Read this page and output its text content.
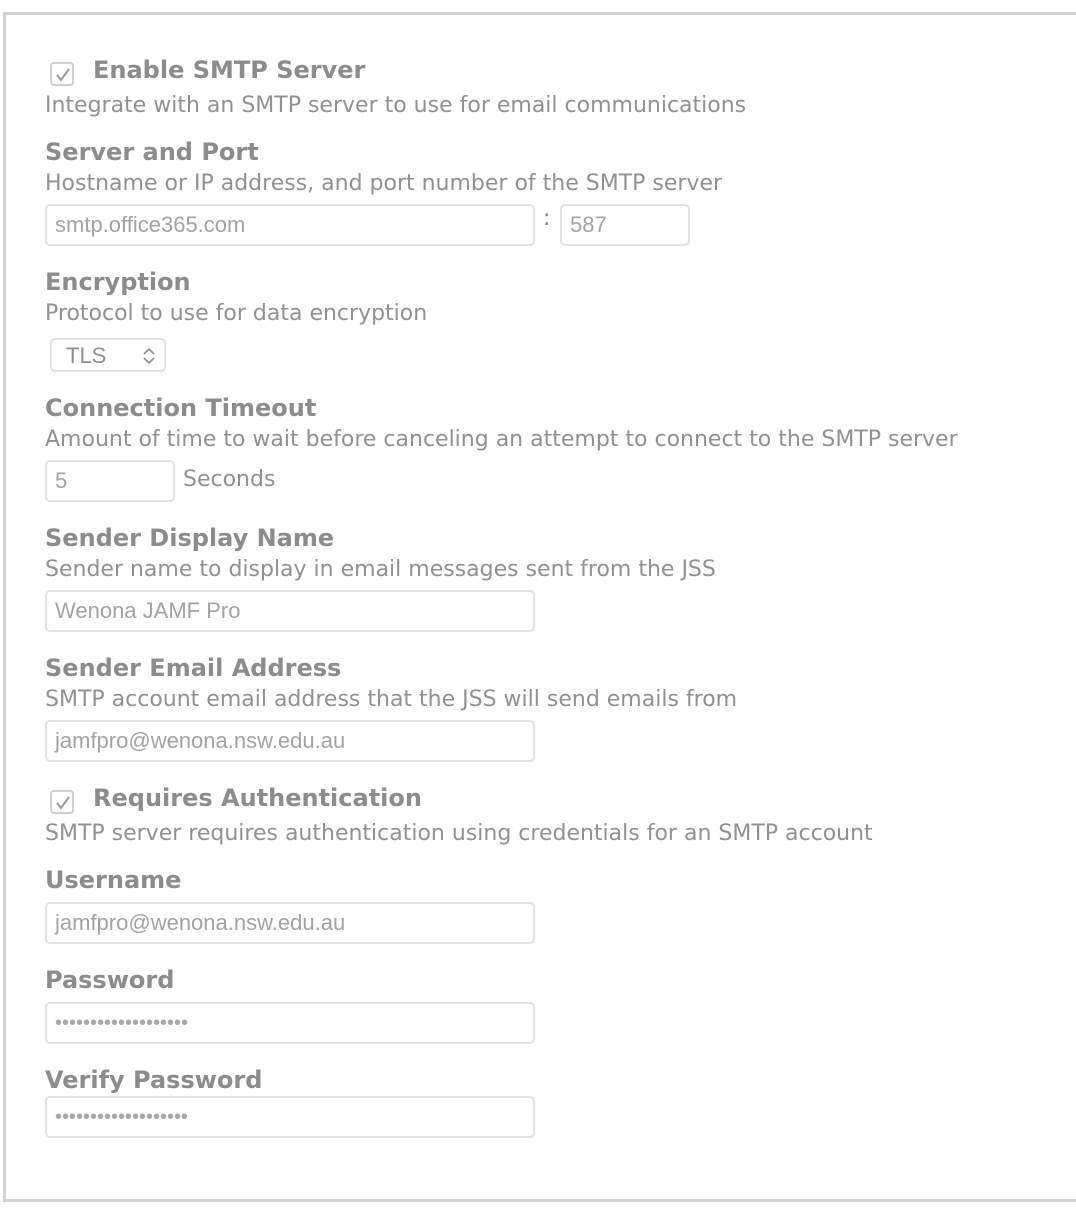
Enable SMTP Server
Integrate with an SMTP server to use for email communications
Server and Port
Hostname or IP address, and port number of the SMTP server
smtp.office365.com	: 587
Encryption
Protocol to use for data encryption
TLS
Connection Timeout
Amount of time to wait before canceling an attempt to connect to the SMTP server
5	Seconds
Sender Display Name
Sender name to display in email messages sent from the JSS
Wenona JAMF Pro
Sender Email Address
SMTP account email address that the JSS will send emails from
jamfpro@wenona.nsw.edu.au
Requires Authentication
SMTP server requires authentication using credentials for an SMTP account
Username
jamfpro@wenona.nsw.edu.au
Password
•••••••••••••••••••
Verify Password
•••••••••••••••••••
